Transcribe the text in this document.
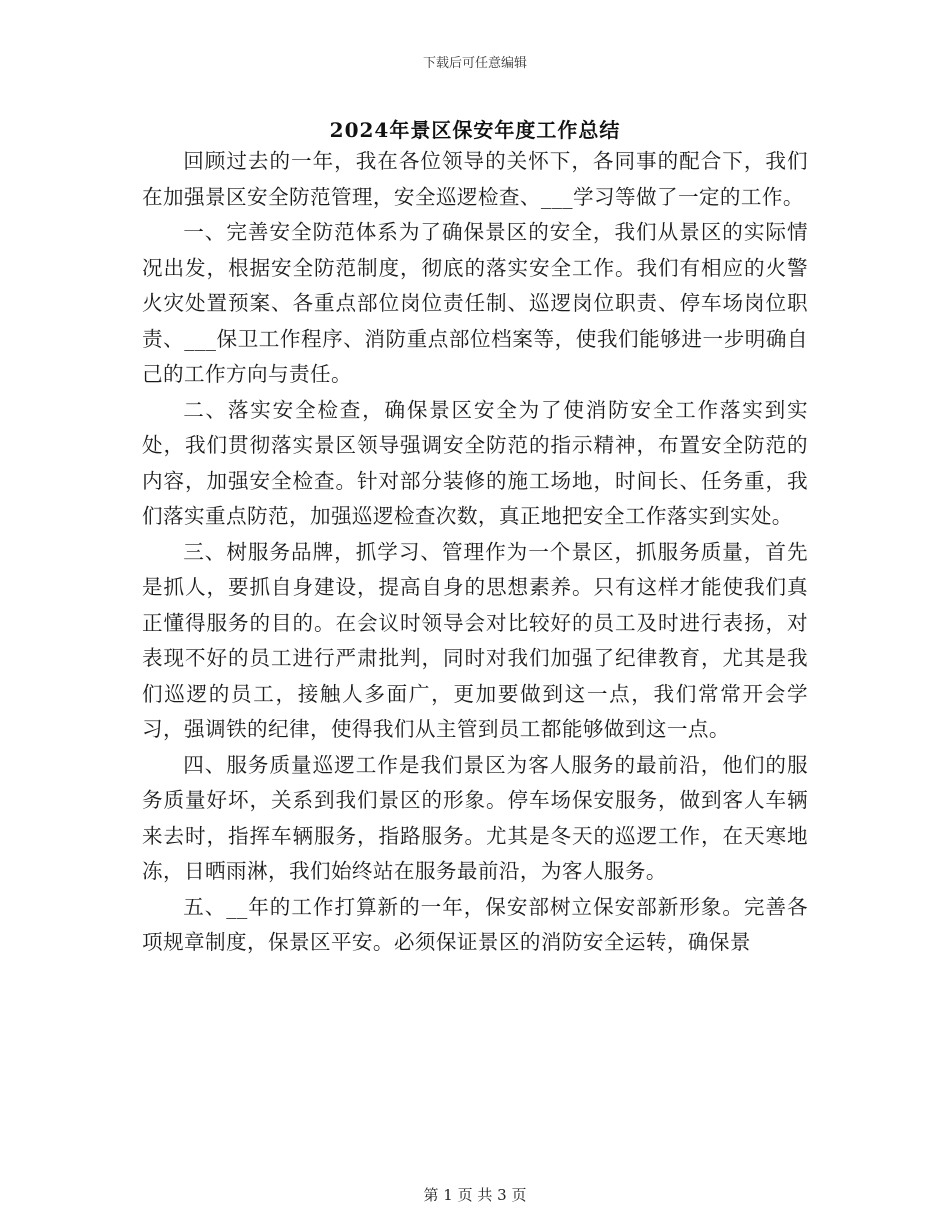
下载后可任意编辑
2024年景区保安年度工作总结

回顾过去的一年，我在各位领导的关怀下，各同事的配合下，我们在加强景区安全防范管理，安全巡逻检查、___学习等做了一定的工作。

一、完善安全防范体系为了确保景区的安全，我们从景区的实际情况出发，根据安全防范制度，彻底的落实安全工作。我们有相应的火警火灾处置预案、各重点部位岗位责任制、巡逻岗位职责、停车场岗位职责、___保卫工作程序、消防重点部位档案等，使我们能够进一步明确自己的工作方向与责任。

二、落实安全检查，确保景区安全为了使消防安全工作落实到实处，我们贯彻落实景区领导强调安全防范的指示精神，布置安全防范的内容，加强安全检查。针对部分装修的施工场地，时间长、任务重，我们落实重点防范，加强巡逻检查次数，真正地把安全工作落实到实处。

三、树服务品牌，抓学习、管理作为一个景区，抓服务质量，首先是抓人，要抓自身建设，提高自身的思想素养。只有这样才能使我们真正懂得服务的目的。在会议时领导会对比较好的员工及时进行表扬，对表现不好的员工进行严肃批判，同时对我们加强了纪律教育，尤其是我们巡逻的员工，接触人多面广，更加要做到这一点，我们常常开会学习，强调铁的纪律，使得我们从主管到员工都能够做到这一点。

四、服务质量巡逻工作是我们景区为客人服务的最前沿，他们的服务质量好坏，关系到我们景区的形象。停车场保安服务，做到客人车辆来去时，指挥车辆服务，指路服务。尤其是冬天的巡逻工作，在天寒地冻，日晒雨淋，我们始终站在服务最前沿，为客人服务。

五、__年的工作打算新的一年，保安部树立保安部新形象。完善各项规章制度，保景区平安。必须保证景区的消防安全运转，确保景

第 1 页 共 3 页
